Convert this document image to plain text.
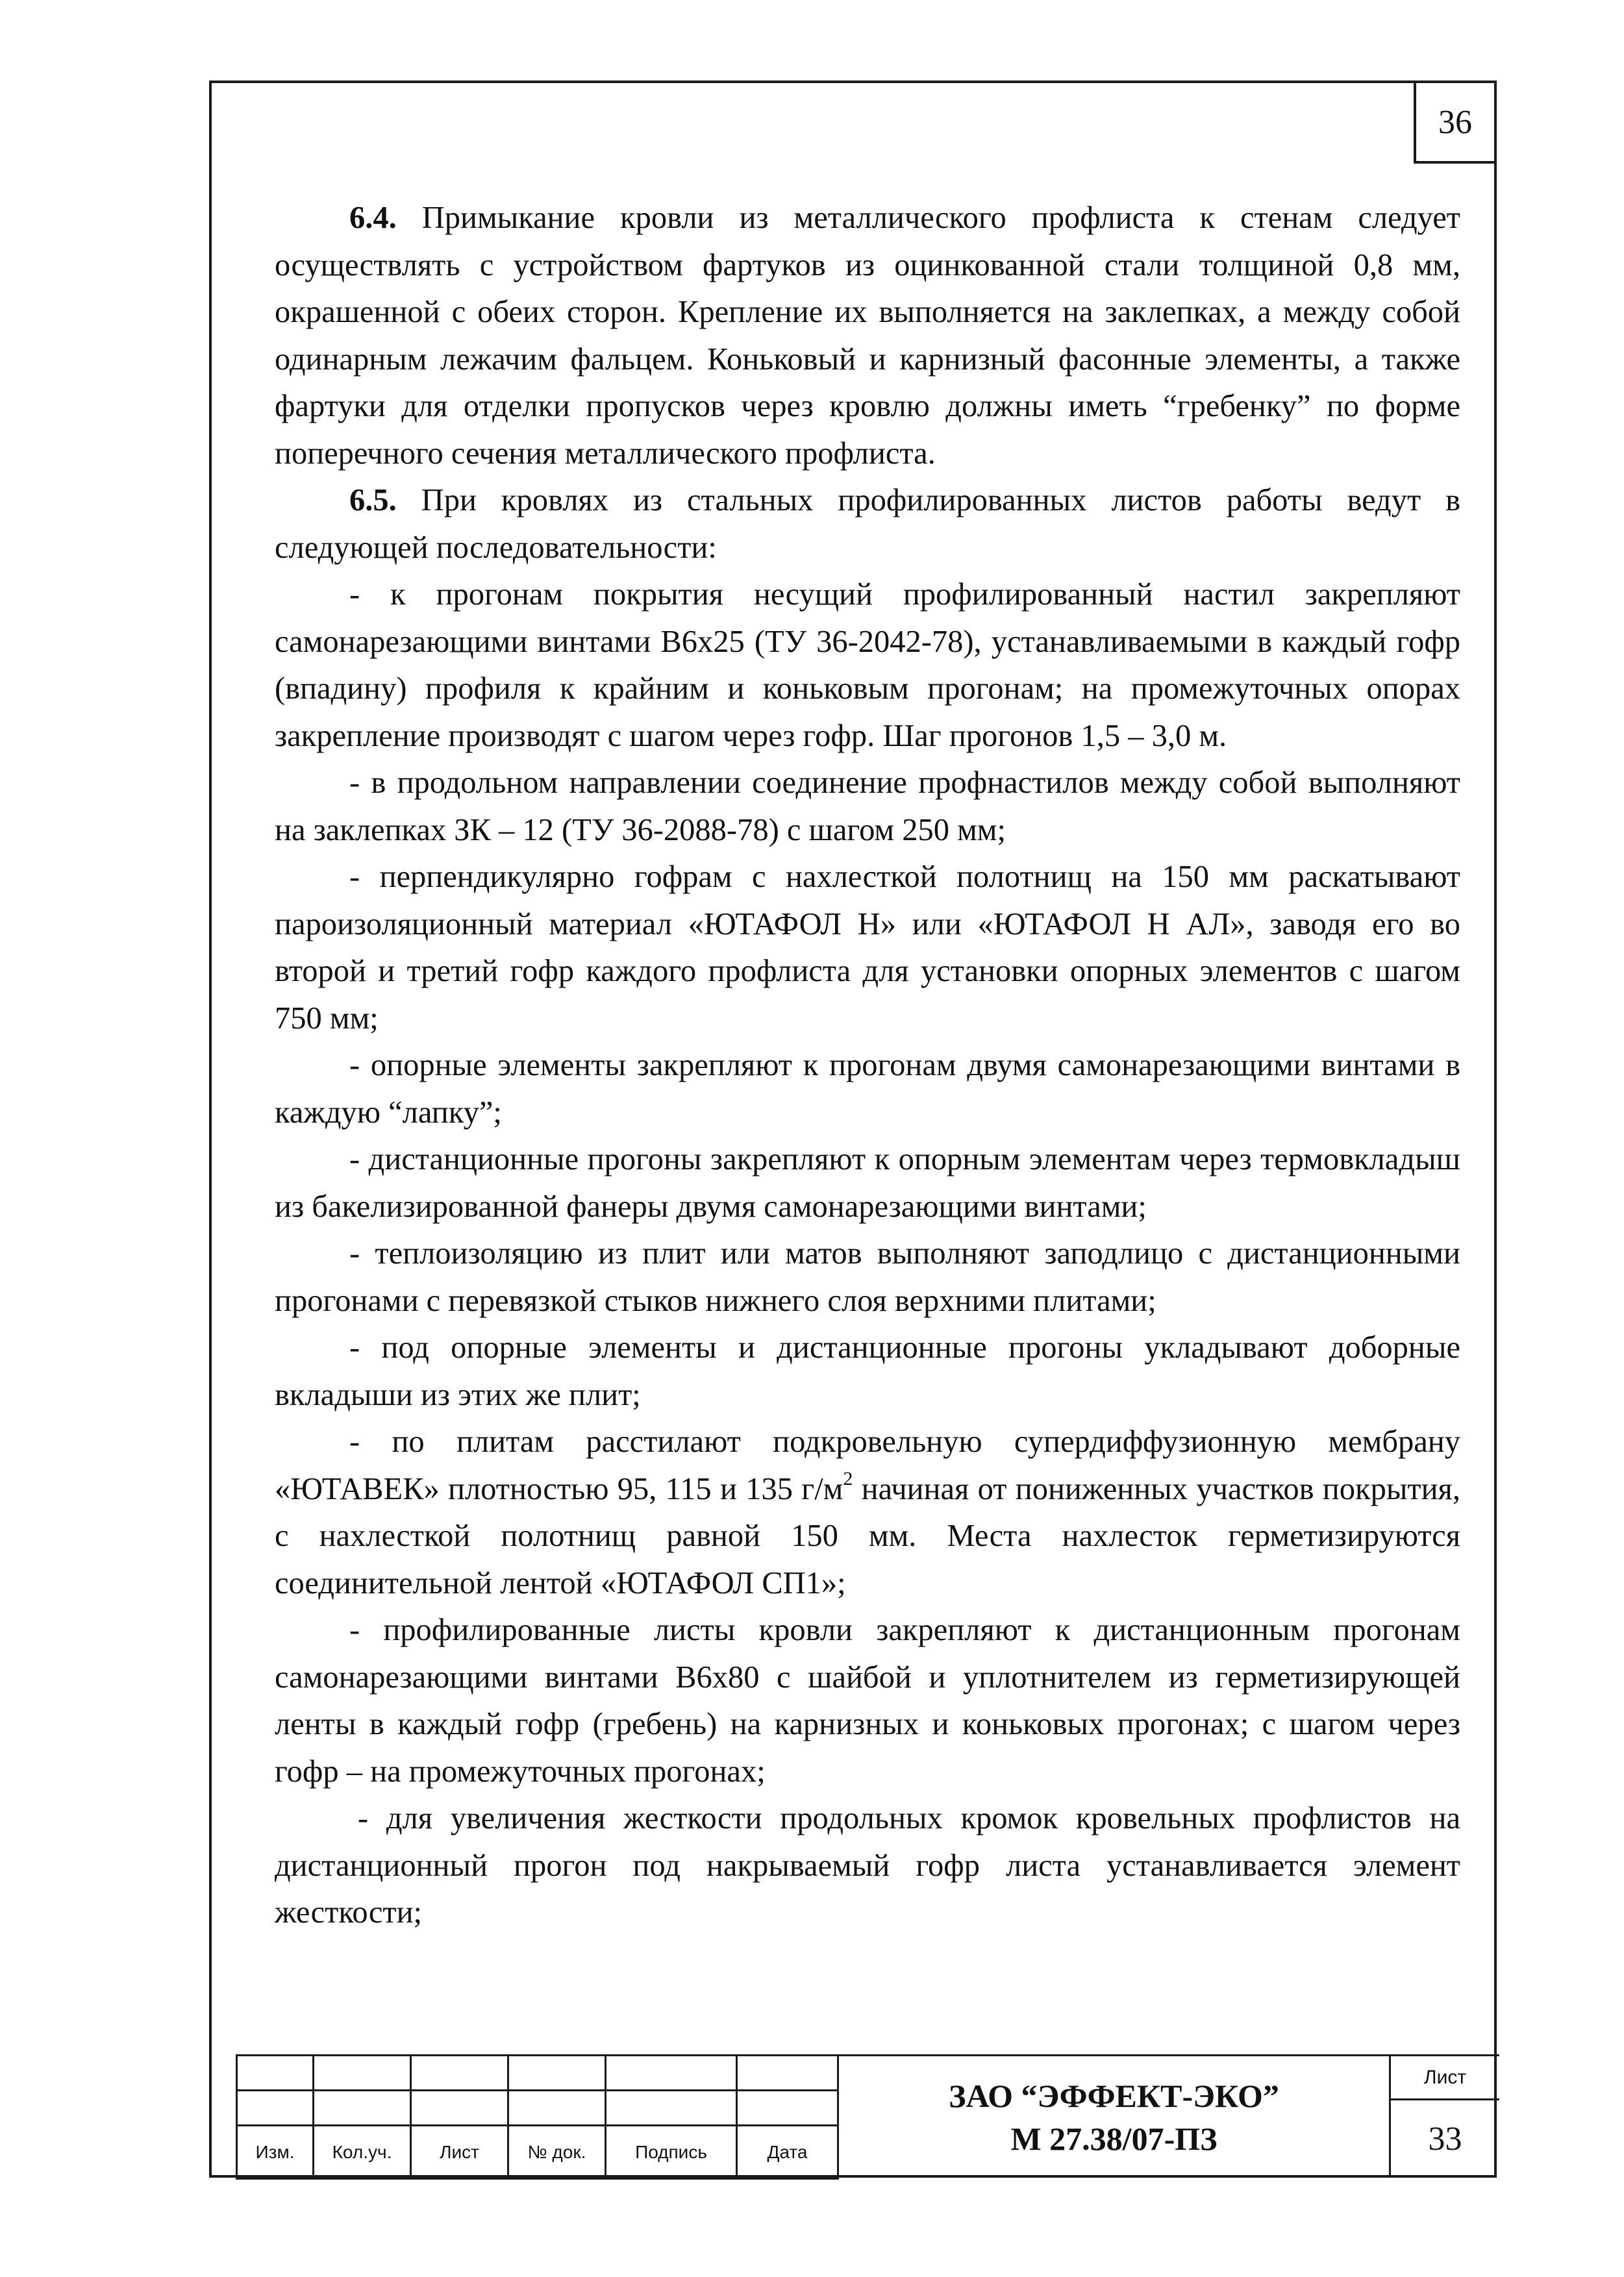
36

6.4. Примыкание кровли из металлического профлиста к стенам следует осуществлять с устройством фартуков из оцинкованной стали толщиной 0,8 мм, окрашенной с обеих сторон. Крепление их выполняется на заклепках, а между собой одинарным лежачим фальцем. Коньковый и карнизный фасонные элементы, а также фартуки для отделки пропусков через кровлю должны иметь “гребенку” по форме поперечного сечения металлического профлиста.

6.5. При кровлях из стальных профилированных листов работы ведут в следующей последовательности:

- к прогонам покрытия несущий профилированный настил закрепляют самонарезающими винтами B6x25 (ТУ 36-2042-78), устанавливаемыми в каждый гофр (впадину) профиля к крайним и коньковым прогонам; на промежуточных опорах закрепление производят с шагом через гофр. Шаг прогонов 1,5 – 3,0 м.

- в продольном направлении соединение профнастилов между собой выполняют на заклепках ЗК – 12 (ТУ 36-2088-78) с шагом 250 мм;

- перпендикулярно гофрам с нахлесткой полотнищ на 150 мм раскатывают пароизоляционный материал «ЮТАФОЛ Н» или «ЮТАФОЛ Н АЛ», заводя его во второй и третий гофр каждого профлиста для установки опорных элементов с шагом 750 мм;

- опорные элементы закрепляют к прогонам двумя самонарезающими винтами в каждую “лапку”;

- дистанционные прогоны закрепляют к опорным элементам через термовкладыш из бакелизированной фанеры двумя самонарезающими винтами;

- теплоизоляцию из плит или матов выполняют заподлицо с дистанционными прогонами с перевязкой стыков нижнего слоя верхними плитами;

- под опорные элементы и дистанционные прогоны укладывают доборные вкладыши из этих же плит;

- по плитам расстилают подкровельную супердиффузионную мембрану «ЮТАВЕК» плотностью 95, 115 и 135 $г/м^2$ начиная от пониженных участков покрытия, с нахлесткой полотнищ равной 150 мм. Места нахлесток герметизируются соединительной лентой «ЮТАФОЛ СП1»;

- профилированные листы кровли закрепляют к дистанционным прогонам самонарезающими винтами B6x80 с шайбой и уплотнителем из герметизирующей ленты в каждый гофр (гребень) на карнизных и коньковых прогонах; с шагом через гофр – на промежуточных прогонах;

- для увеличения жесткости продольных кромок кровельных профлистов на дистанционный прогон под накрываемый гофр листа устанавливается элемент жесткости;

Изм.	Кол.уч.	Лист	№ док.	Подпись	Дата
ЗАО “ЭФФЕКТ-ЭКО”
М 27.38/07-ПЗ
Лист
33
